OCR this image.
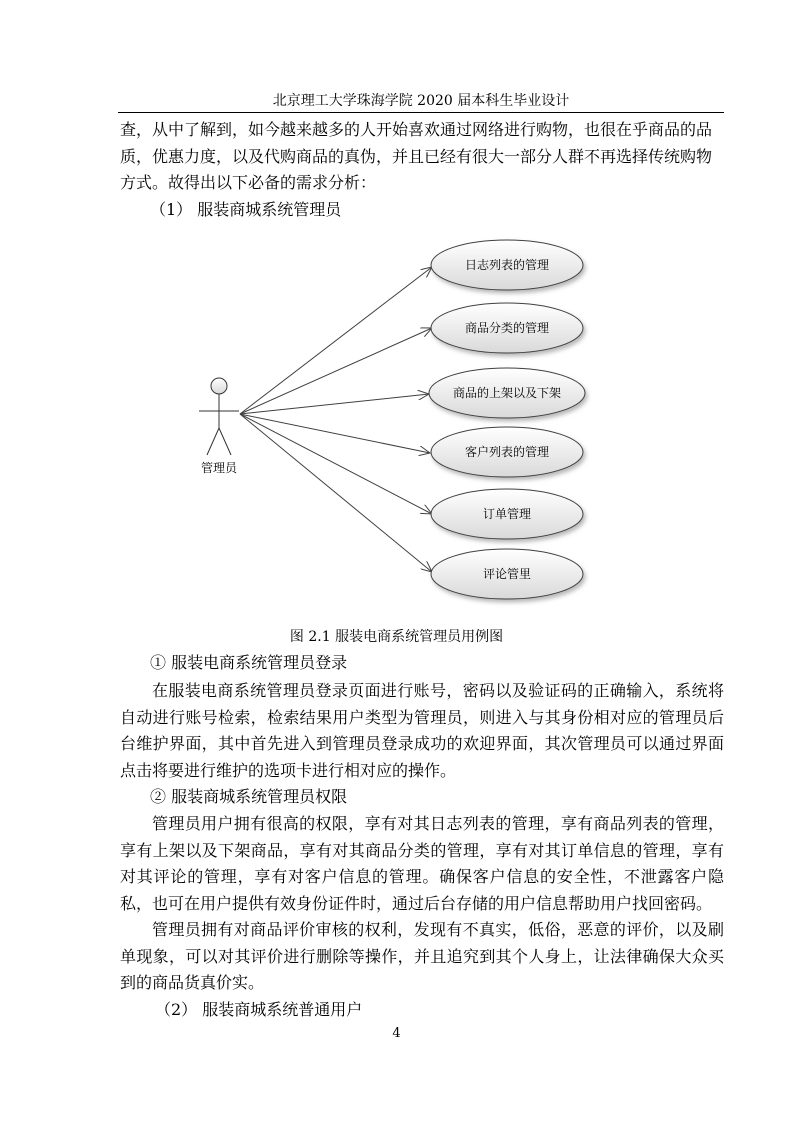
北京理工大学珠海学院 2020 届本科生毕业设计

查，从中了解到，如今越来越多的人开始喜欢通过网络进行购物，也很在乎商品的品

质，优惠力度，以及代购商品的真伪，并且已经有很大一部分人群不再选择传统购物

方式。故得出以下必备的需求分析：

（1） 服装商城系统管理员

管理员
日志列表的管理
商品分类的管理
商品的上架以及下架
客户列表的管理
订单管理
评论管里
图 2.1 服装电商系统管理员用例图

① 服装电商系统管理员登录

在服装电商系统管理员登录页面进行账号，密码以及验证码的正确输入，系统将自动进行账号检索，检索结果用户类型为管理员，则进入与其身份相对应的管理员后台维护界面，其中首先进入到管理员登录成功的欢迎界面，其次管理员可以通过界面点击将要进行维护的选项卡进行相对应的操作。

② 服装商城系统管理员权限

管理员用户拥有很高的权限，享有对其日志列表的管理，享有商品列表的管理，享有上架以及下架商品，享有对其商品分类的管理，享有对其订单信息的管理，享有对其评论的管理，享有对客户信息的管理。确保客户信息的安全性，不泄露客户隐私，也可在用户提供有效身份证件时，通过后台存储的用户信息帮助用户找回密码。

管理员拥有对商品评价审核的权利，发现有不真实，低俗，恶意的评价，以及刷单现象，可以对其评价进行删除等操作，并且追究到其个人身上，让法律确保大众买到的商品货真价实。

（2） 服装商城系统普通用户

4
